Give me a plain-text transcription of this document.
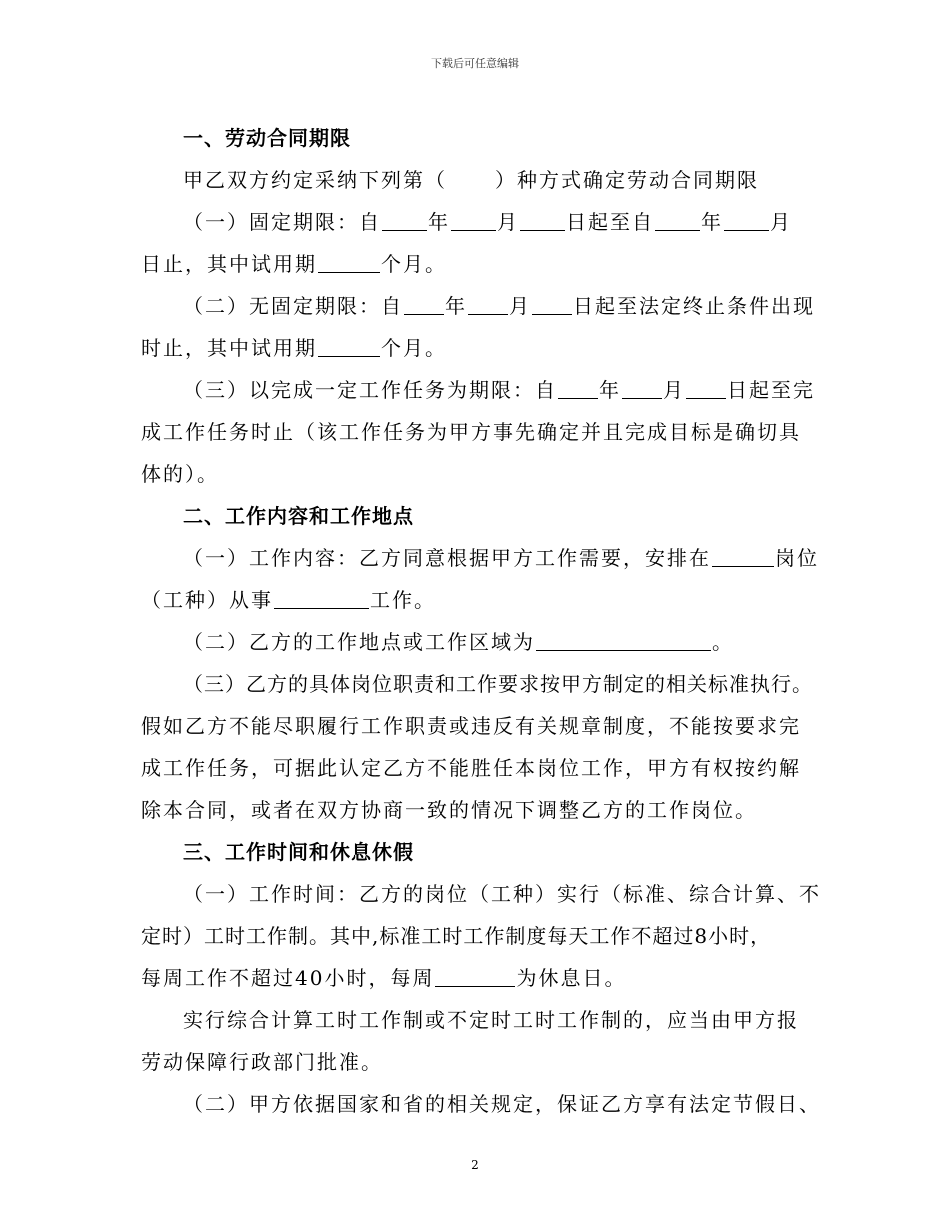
下载后可任意编辑
一、劳动合同期限
甲乙双方约定采纳下列第（ ）种方式确定劳动合同期限
（一）固定期限：自 年 月 日起至自 年 月
日止，其中试用期	个月。
（二）无固定期限：自 年 月 日起至法定终止条件出现
时止，其中试用期	个月。
（三）以完成一定工作任务为期限：自 年 月 日起至完
成工作任务时止（该工作任务为甲方事先确定并且完成目标是确切具
体的）。
二、工作内容和工作地点
（一）工作内容：乙方同意根据甲方工作需要，安排在	岗位
（工种）从事	工作。
（二）乙方的工作地点或工作区域为	。
（三）乙方的具体岗位职责和工作要求按甲方制定的相关标准执行。
假如乙方不能尽职履行工作职责或违反有关规章制度，不能按要求完
成工作任务，可据此认定乙方不能胜任本岗位工作，甲方有权按约解
除本合同，或者在双方协商一致的情况下调整乙方的工作岗位。
三、工作时间和休息休假
（一）工作时间：乙方的岗位（工种）实行（标准、综合计算、不
定时）工时工作制。其中,标准工时工作制度每天工作不超过8小时，
每周工作不超过40小时，每周	为休息日。
实行综合计算工时工作制或不定时工时工作制的，应当由甲方报
劳动保障行政部门批准。
（二）甲方依据国家和省的相关规定，保证乙方享有法定节假日、
2
